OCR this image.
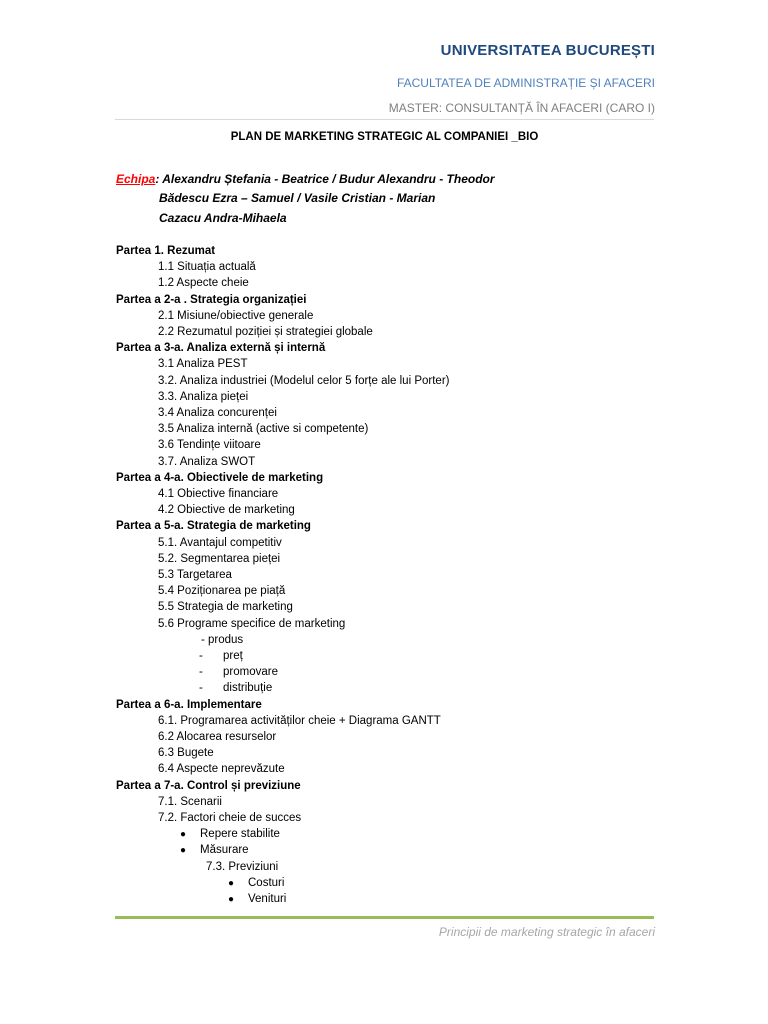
UNIVERSITATEA BUCUREȘTI
FACULTATEA DE ADMINISTRAȚIE ȘI AFACERI
MASTER: CONSULTANȚĂ ÎN AFACERI (CARO I)
PLAN DE MARKETING STRATEGIC AL COMPANIEI _BIO
Echipa: Alexandru Ștefania - Beatrice / Budur Alexandru - Theodor
Bădescu Ezra – Samuel / Vasile Cristian - Marian
Cazacu Andra-Mihaela
Partea 1. Rezumat
1.1 Situația actuală
1.2 Aspecte cheie
Partea a 2-a . Strategia organizației
2.1 Misiune/obiective generale
2.2 Rezumatul poziției și strategiei globale
Partea a 3-a. Analiza externă și internă
3.1 Analiza PEST
3.2. Analiza industriei (Modelul celor 5 forțe ale lui Porter)
3.3. Analiza pieței
3.4 Analiza concurenței
3.5 Analiza internă (active si competente)
3.6 Tendințe viitoare
3.7. Analiza SWOT
Partea a 4-a. Obiectivele de marketing
4.1 Obiective financiare
4.2 Obiective de marketing
Partea a 5-a. Strategia de marketing
5.1. Avantajul competitiv
5.2. Segmentarea pieței
5.3 Targetarea
5.4 Poziționarea pe piață
5.5 Strategia de marketing
5.6 Programe specifice de marketing
- produs
- preț
- promovare
- distribuție
Partea a 6-a. Implementare
6.1. Programarea activităților cheie + Diagrama GANTT
6.2 Alocarea resurselor
6.3 Bugete
6.4 Aspecte neprevăzute
Partea a 7-a. Control și previziune
7.1. Scenarii
7.2. Factori cheie de succes
● Repere stabilite
● Măsurare
7.3. Previziuni
● Costuri
● Venituri
Principii de marketing strategic în afaceri
